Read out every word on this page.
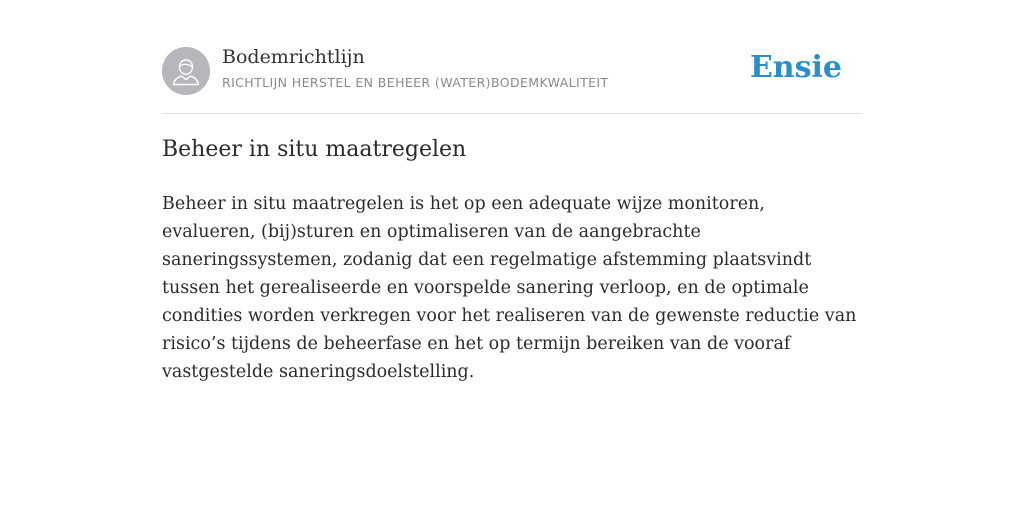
Bodemrichtlijn
RICHTLIJN HERSTEL EN BEHEER (WATER)BODEMKWALITEIT	Ensie
Beheer in situ maatregelen

Beheer in situ maatregelen is het op een adequate wijze monitoren, evalueren, (bij)sturen en optimaliseren van de aangebrachte saneringssystemen, zodanig dat een regelmatige afstemming plaatsvindt tussen het gerealiseerde en voorspelde sanering verloop, en de optimale condities worden verkregen voor het realiseren van de gewenste reductie van risico’s tijdens de beheerfase en het op termijn bereiken van de vooraf vastgestelde saneringsdoelstelling.
